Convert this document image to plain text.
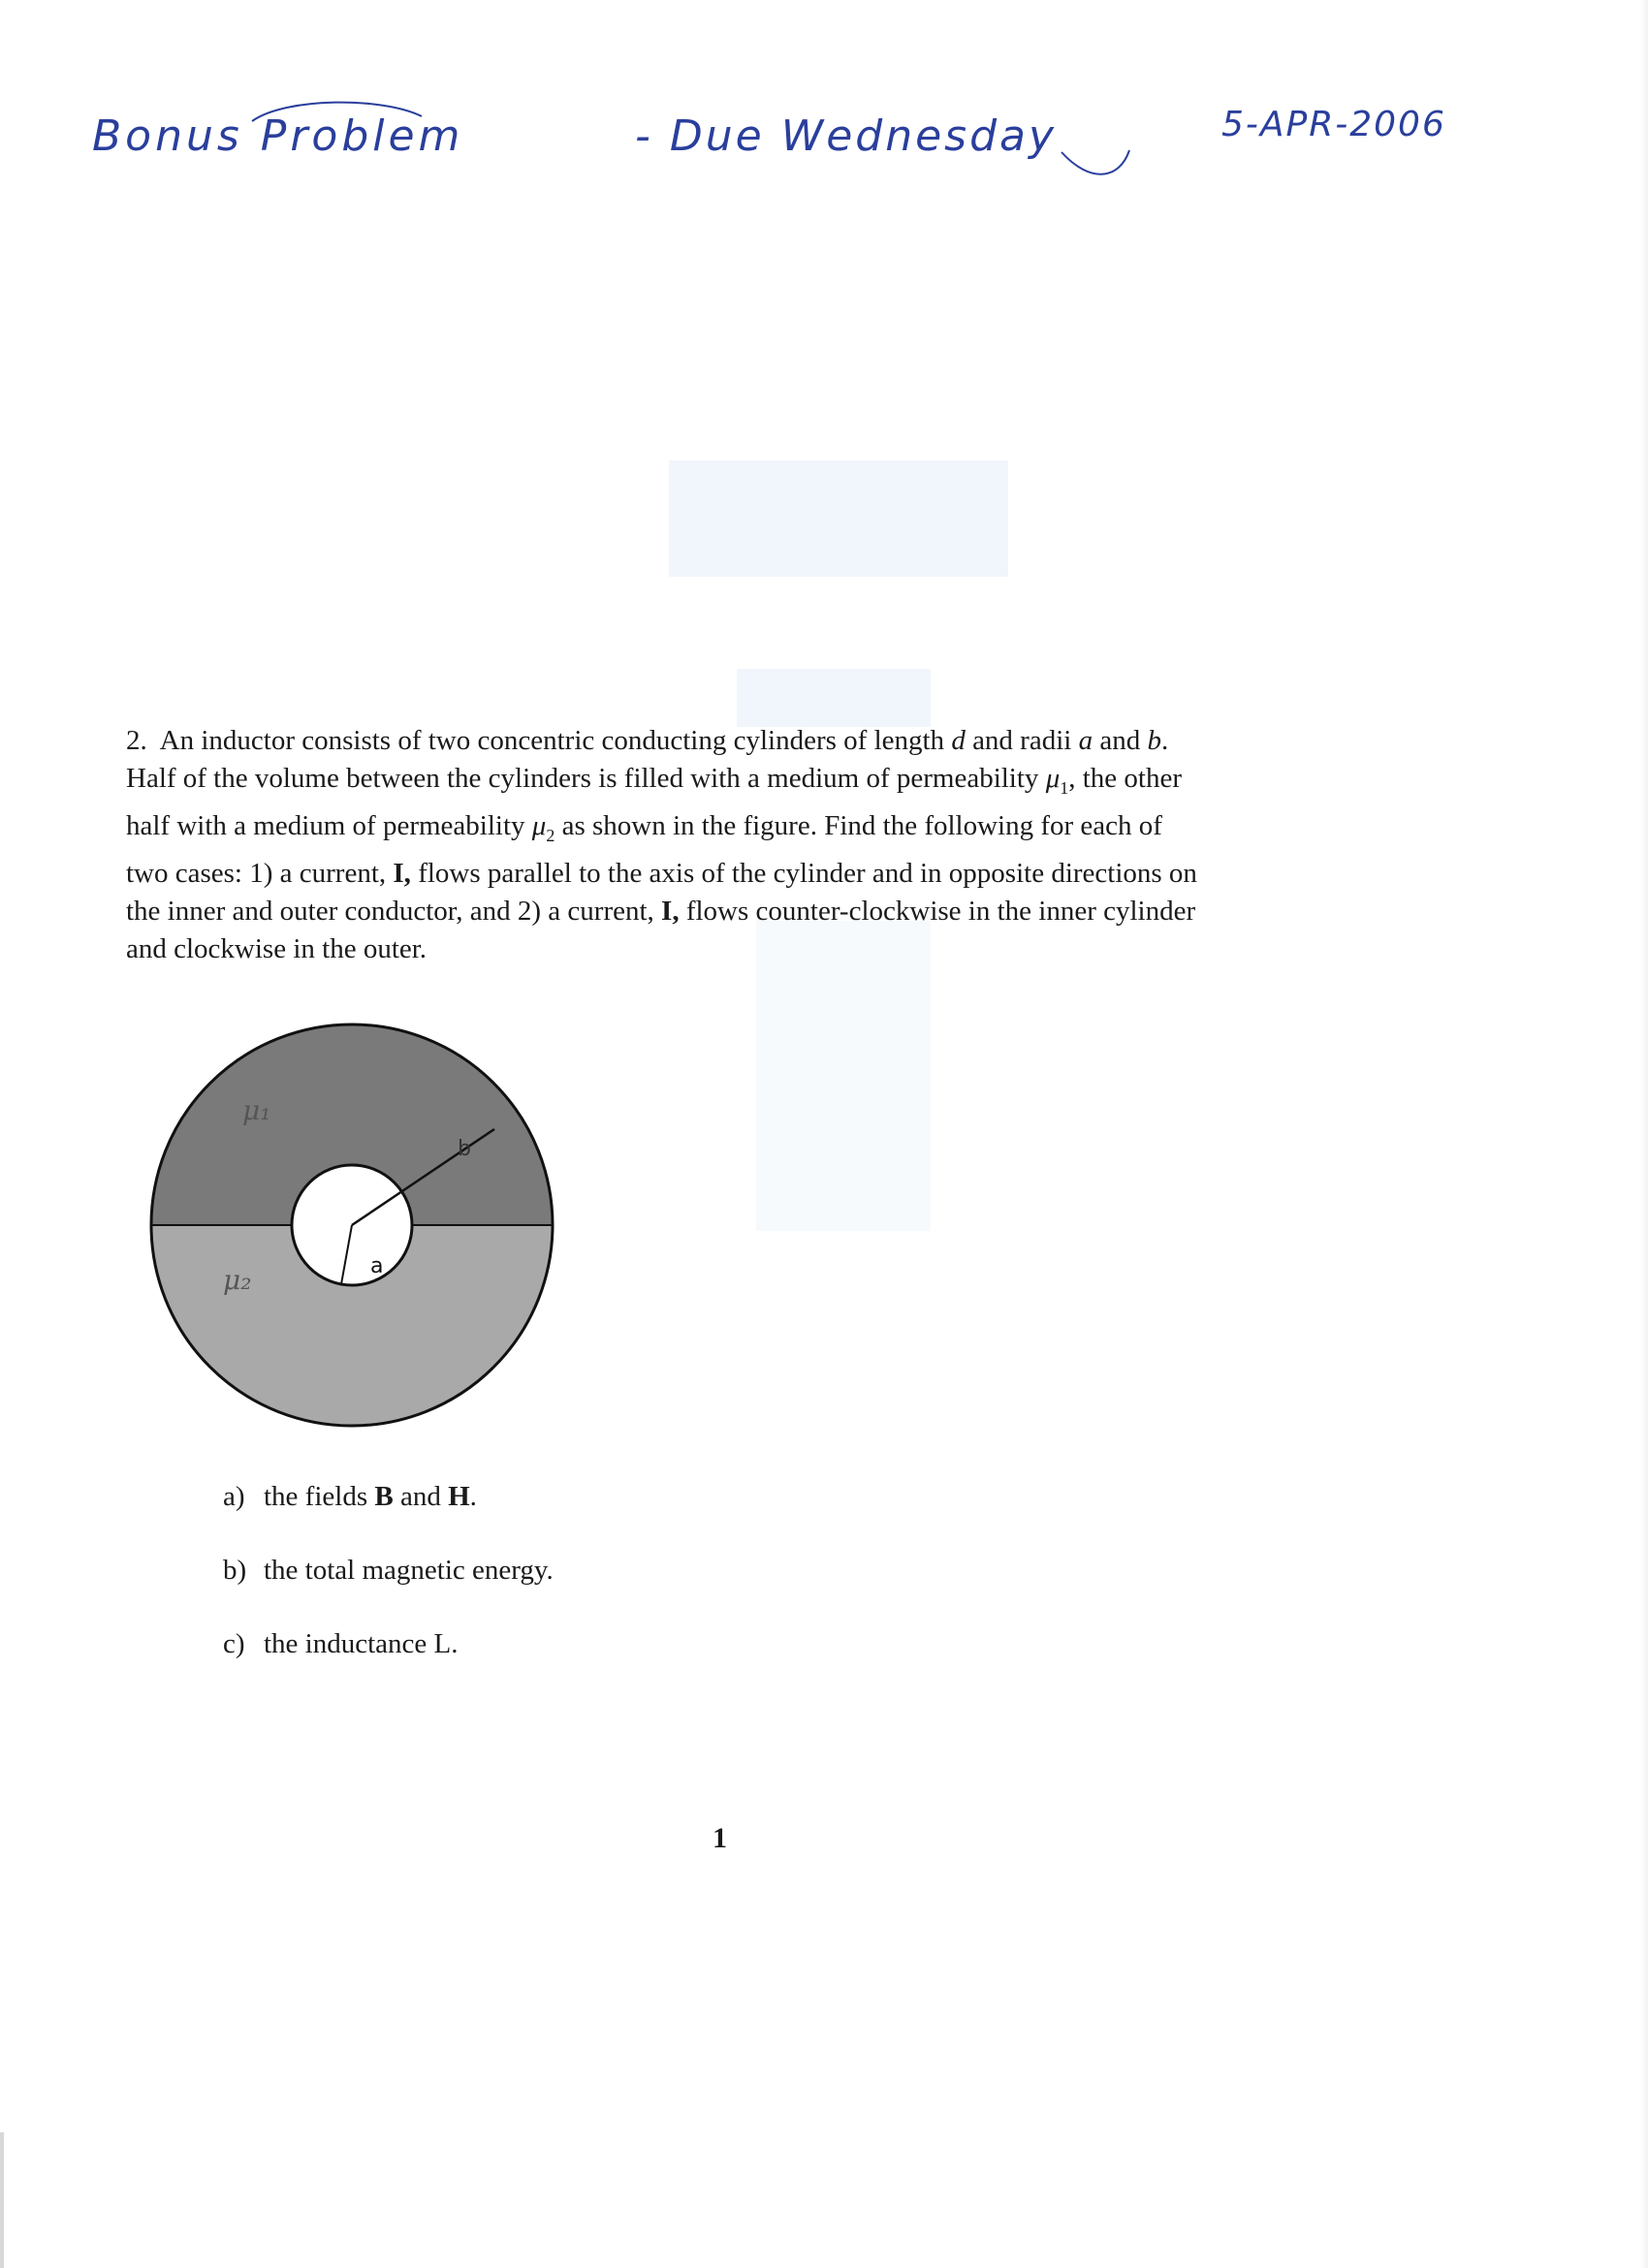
Bonus Problem	- Due Wednesday	5-APR-2006

2. An inductor consists of two concentric conducting cylinders of length d and radii a and b.

Half of the volume between the cylinders is filled with a medium of permeability $\mu_1$, the other

half with a medium of permeability $\mu_2$ as shown in the figure. Find the following for each of

two cases: 1) a current, I, flows parallel to the axis of the cylinder and in opposite directions on

the inner and outer conductor, and 2) a current, I, flows counter-clockwise in the inner cylinder

and clockwise in the outer.

a
b
μ₁
μ₂
a) the fields B and H.
b) the total magnetic energy.
c) the inductance L.
1
